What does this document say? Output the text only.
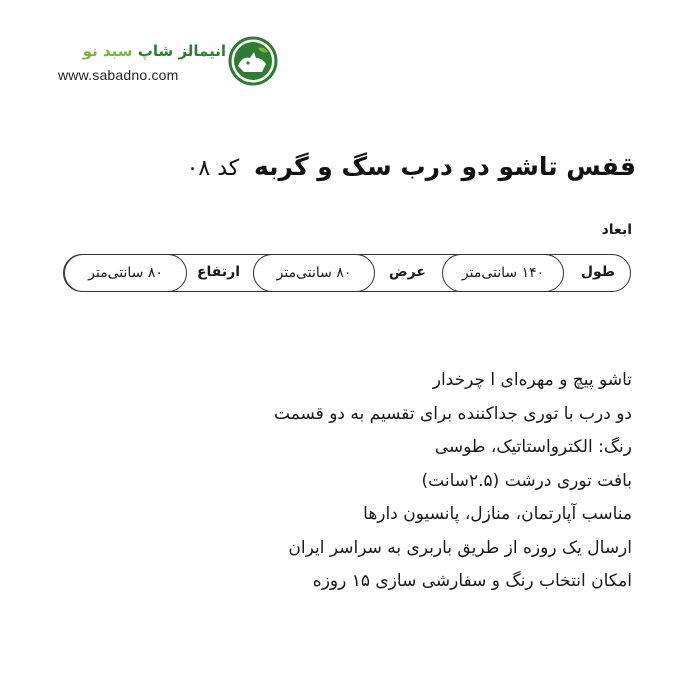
انیمالز شاپ سبد نو
www.sabadno.com
قفس تاشو دو درب سگ و گربه کد ۰۸
ابعاد
طول
۱۴۰ سانتی‌متر
عرض
۸۰ سانتی‌متر
ارتفاع
۸۰ سانتی‌متر
تاشو پیچ و مهره‌ای ا چرخدار
دو درب با توری جداکننده برای تقسیم به دو قسمت
رنگ: الکترواستاتیک، طوسی
بافت توری درشت (۲.۵سانت)
مناسب آپارتمان، منازل، پانسیون دارها
ارسال یک روزه از طریق باربری به سراسر ایران
امکان انتخاب رنگ و سفارشی سازی ۱۵ روزه
